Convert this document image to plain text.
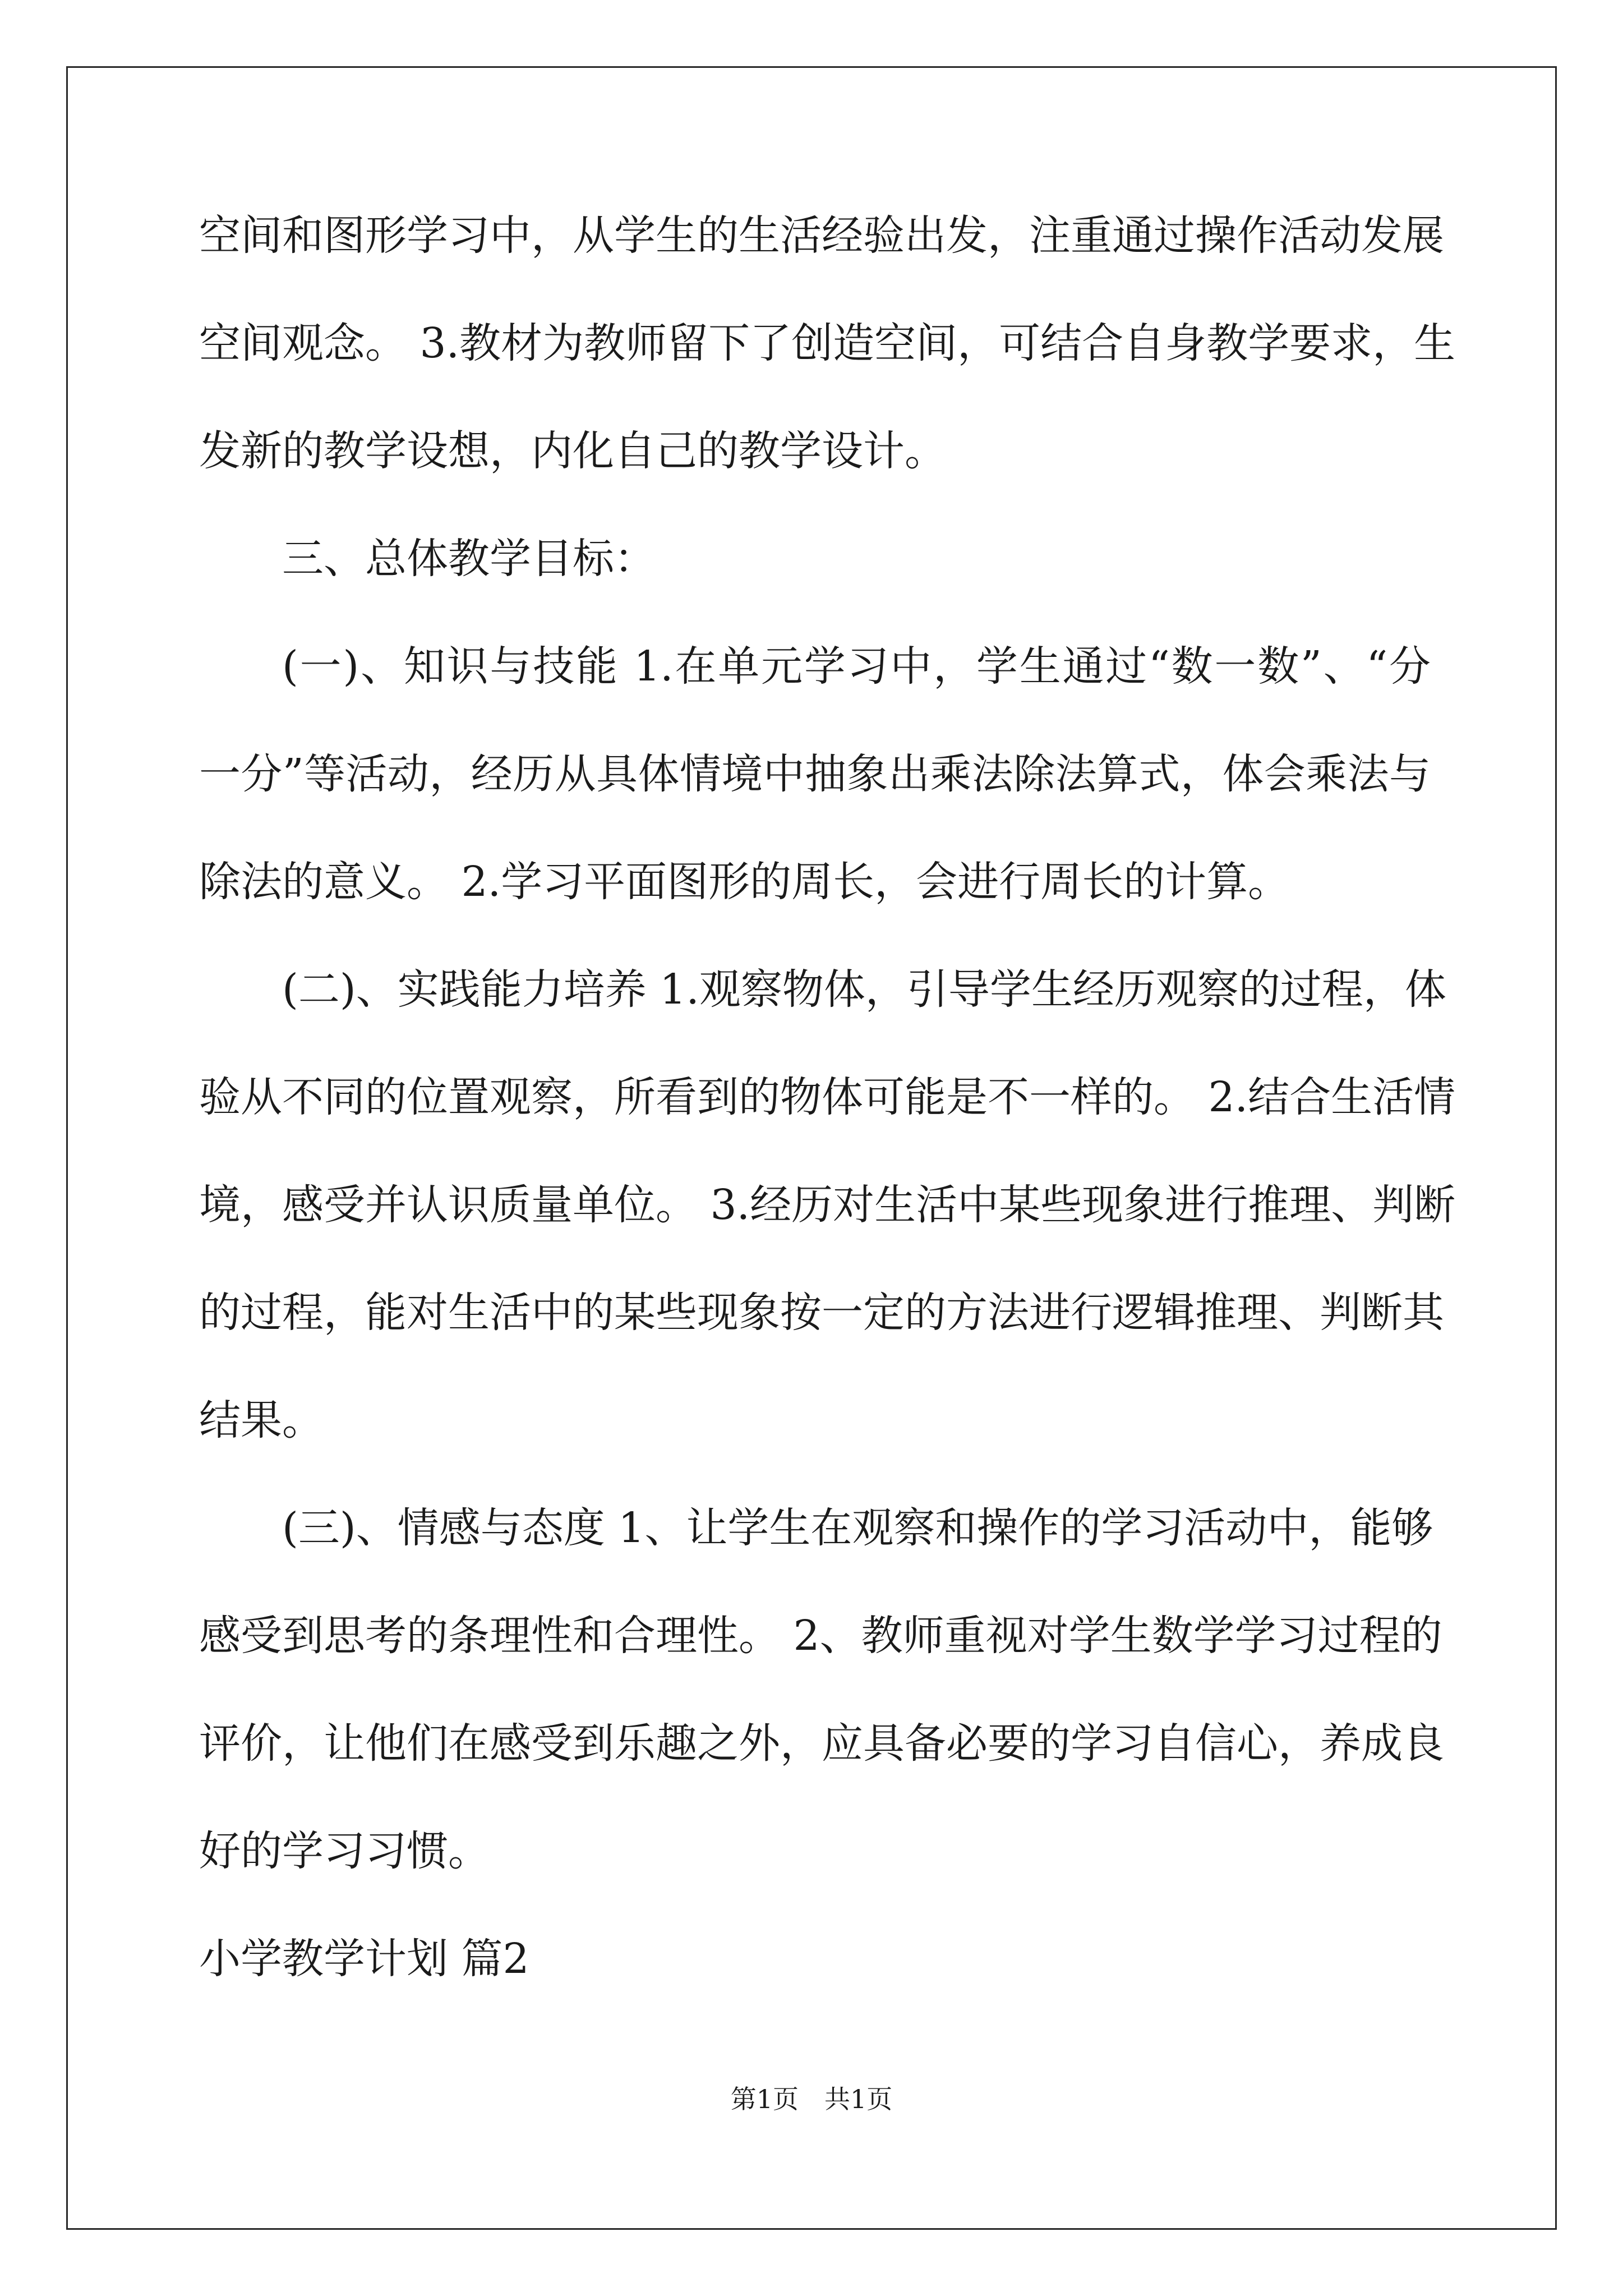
空间和图形学习中，从学生的生活经验出发，注重通过操作活动发展
空间观念。 3.教材为教师留下了创造空间，可结合自身教学要求，生
发新的教学设想，内化自己的教学设计。
三、总体教学目标：
(一)、知识与技能 1.在单元学习中，学生通过“数一数”、“分
一分”等活动，经历从具体情境中抽象出乘法除法算式，体会乘法与
除法的意义。 2.学习平面图形的周长，会进行周长的计算。
(二)、实践能力培养 1.观察物体，引导学生经历观察的过程，体
验从不同的位置观察，所看到的物体可能是不一样的。 2.结合生活情
境，感受并认识质量单位。 3.经历对生活中某些现象进行推理、判断
的过程，能对生活中的某些现象按一定的方法进行逻辑推理、判断其
结果。
(三)、情感与态度 1、让学生在观察和操作的学习活动中，能够
感受到思考的条理性和合理性。 2、教师重视对学生数学学习过程的
评价，让他们在感受到乐趣之外，应具备必要的学习自信心，养成良
好的学习习惯。
小学教学计划 篇2
第1页　共1页
